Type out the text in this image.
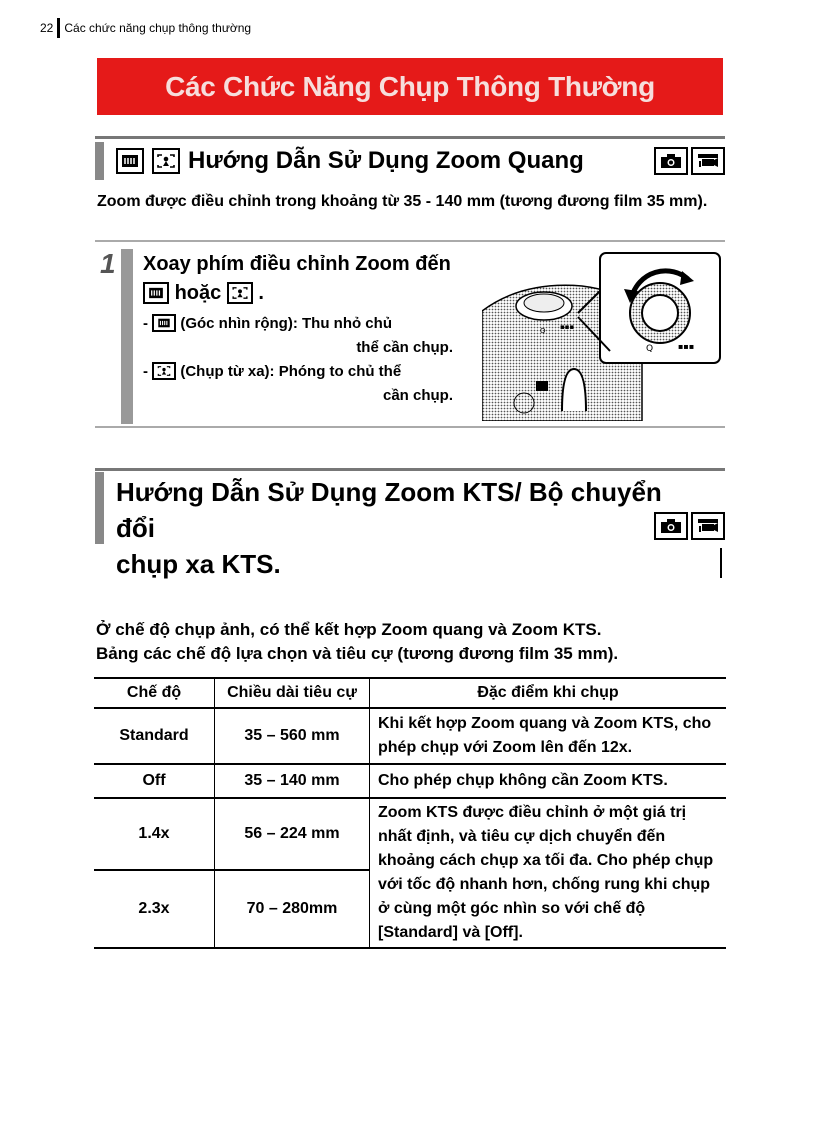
22 Các chức năng chụp thông thường
Các Chức Năng Chụp Thông Thường
Hướng Dẫn Sử Dụng Zoom Quang
Zoom được điều chỉnh trong khoảng từ 35 - 140 mm (tương đương film 35 mm).
1 Xoay phím điều chỉnh Zoom đến
hoặc .
- (Góc nhìn rộng): Thu nhỏ chủ
thể cần chụp.
- (Chụp từ xa): Phóng to chủ thể
cần chụp.
Q ▪▪▪
Q	▪▪▪
Hướng Dẫn Sử Dụng Zoom KTS/ Bộ chuyển đổi
chụp xa KTS.
Ở chế độ chụp ảnh, có thể kết hợp Zoom quang và Zoom KTS.
Bảng các chế độ lựa chọn và tiêu cự (tương đương film 35 mm).
Chế độ	Chiều dài tiêu cự	Đặc điểm khi chụp
Standard	35 – 560 mm	Khi kết hợp Zoom quang và Zoom KTS, cho phép chụp với Zoom lên đến 12x.
Off	35 – 140 mm	Cho phép chụp không cần Zoom KTS.
1.4x	56 – 224 mm	Zoom KTS được điều chỉnh ở một giá trị nhất định, và tiêu cự dịch chuyển đến khoảng cách chụp xa tối đa. Cho phép chụp với tốc độ nhanh hơn, chống rung khi chụp ở cùng một góc nhìn so với chế độ [Standard] và [Off].
2.3x	70 – 280mm	
